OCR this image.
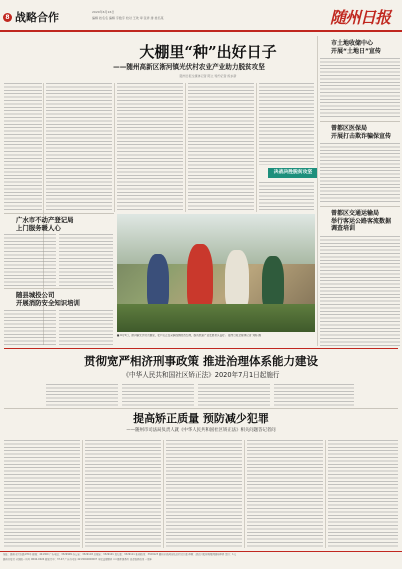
8 战略合作	2020年6月16日
编辑 姓名名 编辑 字数字 校对 王欢 审 张祥 排 姓名某	随州日报
大棚里“种”出好日子
——随州高新区淅河镇光伏村农业产业助力脱贫攻坚
随州日报全媒体记者 陈立 特约记者 熊永新
决战决胜脱贫攻坚
■ 6月5日，淅河镇光伏村大棚里，农户们正在采摘成熟的西红柿，脱贫致富产业发展势头良好。 随州日报全媒体记者 刘杨 摄
广水市不动产登记局
上门服务暖人心
随县城投公司
开展消防安全知识培训
市土地收储中心
开展“土地日”宣传
曾都区医保局
开展打击欺诈骗保宣传
曾都区交通运输局
举行客运公路客流数据
调查培训
贯彻宽严相济刑事政策 推进治理体系能力建设
《中华人民共和国社区矫正法》2020年7月1日起施行
提高矫正质量 预防减少犯罪
——随州市司法局负责人就《中华人民共和国社区矫正法》相关问题答记者问
地址：随州市汉东路135号 邮编：441300 广告电话：3329999 办公室：3329118 总编室：3329101 发行部：3329111 新闻热线：3329123 随州市新闻出版总社设计部 印刷：湖北日报传媒集团随州印务 定价：1元
随州日报社 全国统一刊号 CN42-0024 邮发代号：37-47 广告许可证 4213004000007 本报法律顾问 ××律师事务所 读者服务热线 一周年
